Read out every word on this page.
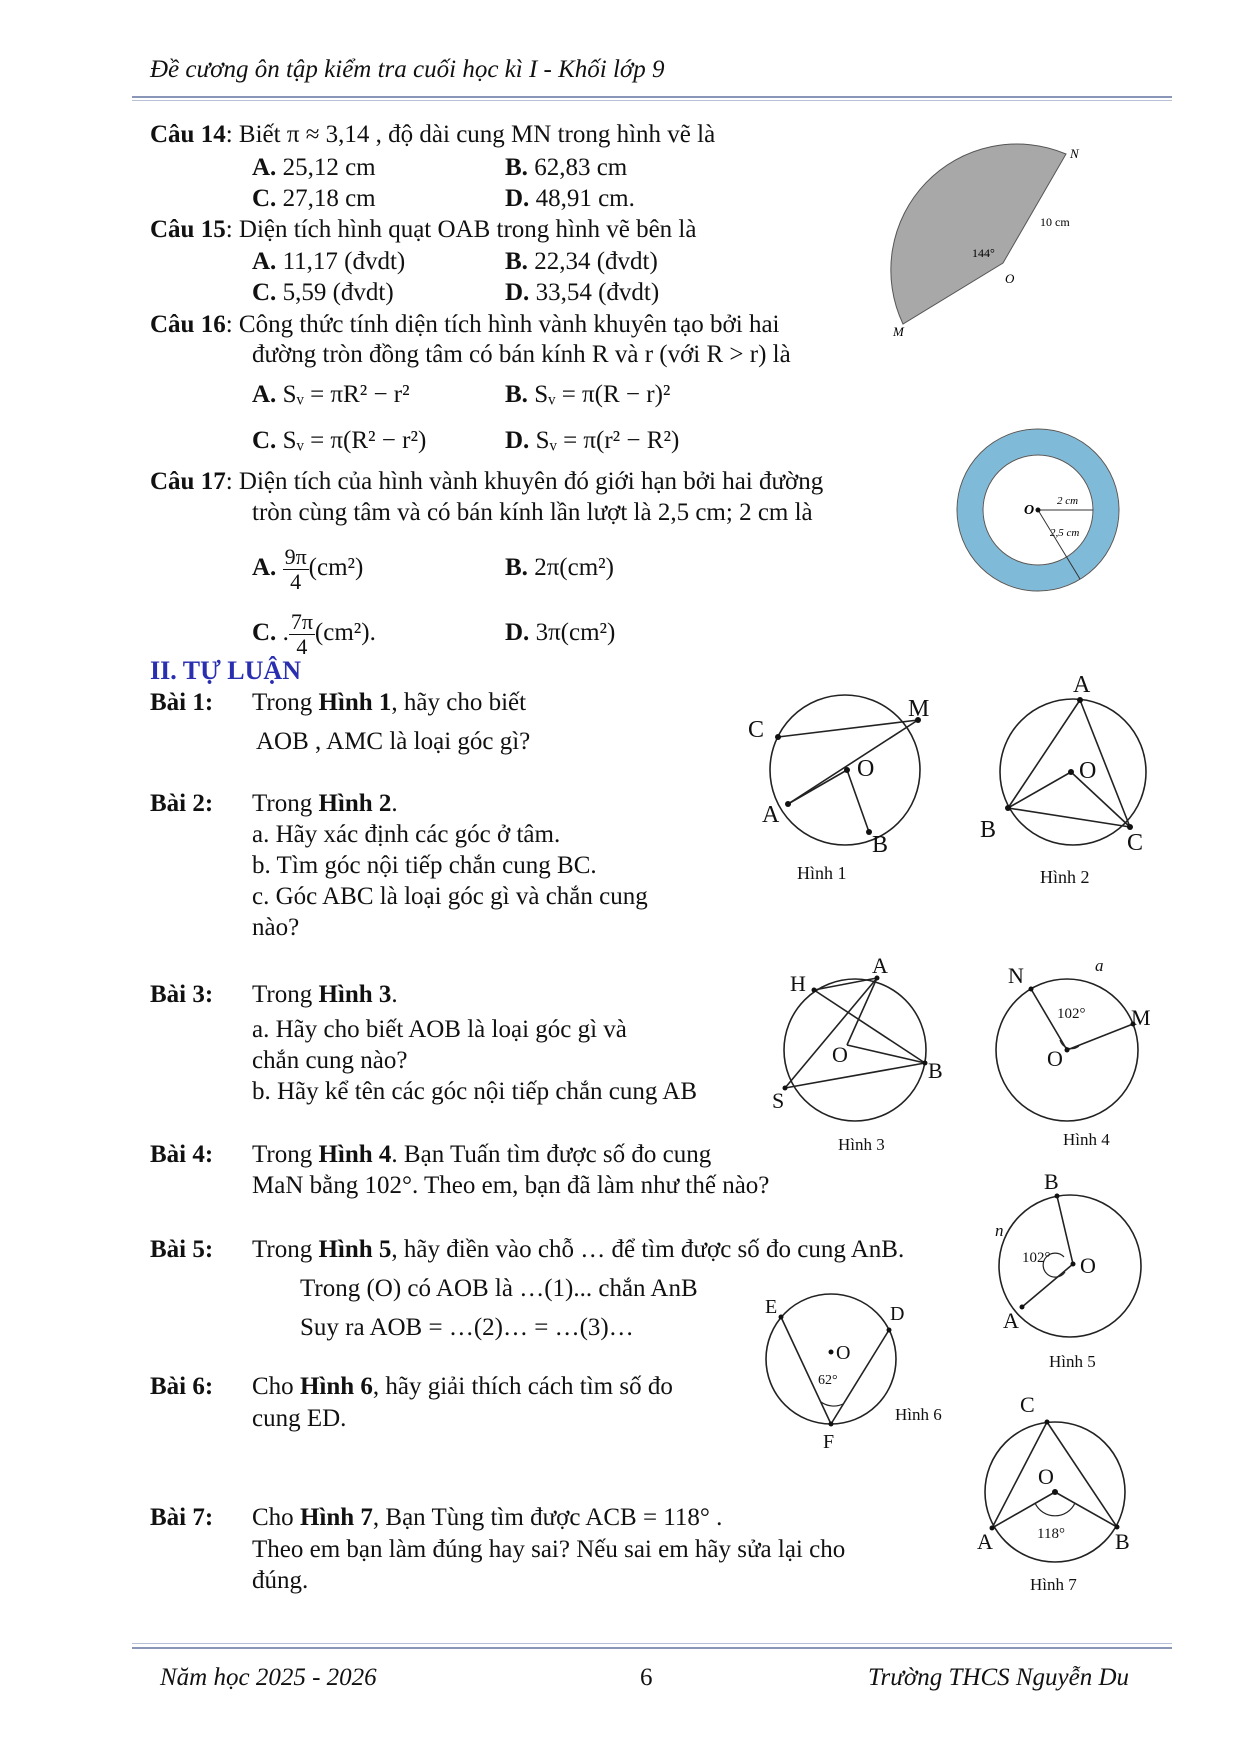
Đề cương ôn tập kiểm tra cuối học kì I - Khối lớp 9
Câu 14: Biết π ≈ 3,14 , độ dài cung MN trong hình vẽ là
A. 25,12 cm	B. 62,83 cm
C. 27,18 cm	D. 48,91 cm.
Câu 15: Diện tích hình quạt OAB trong hình vẽ bên là
A. 11,17 (đvdt)	B. 22,34 (đvdt)
C. 5,59 (đvdt)	D. 33,54 (đvdt)
Câu 16: Công thức tính diện tích hình vành khuyên tạo bởi hai
đường tròn đồng tâm có bán kính R và r (với R > r) là
A. Sᵥ = πR² − r²	B. Sᵥ = π(R − r)²
C. Sᵥ = π(R² − r²)	D. Sᵥ = π(r² − R²)
Câu 17: Diện tích của hình vành khuyên đó giới hạn bởi hai đường
tròn cùng tâm và có bán kính lần lượt là 2,5 cm; 2 cm là
A. $\frac{9\pi}{4} (cm^2)$	B. 2π(cm²)
C. . $\frac{7\pi}{4} (cm^2)$.	D. 3π(cm²)
II. TỰ LUẬN
Bài 1: Trong Hình 1, hãy cho biết
AOB , AMC là loại góc gì?
Bài 2: Trong Hình 2.
a. Hãy xác định các góc ở tâm.
b. Tìm góc nội tiếp chắn cung BC.
c. Góc ABC là loại góc gì và chắn cung
nào?
Bài 3: Trong Hình 3.
a. Hãy cho biết AOB là loại góc gì và
chắn cung nào?
b. Hãy kể tên các góc nội tiếp chắn cung AB
Bài 4: Trong Hình 4. Bạn Tuấn tìm được số đo cung
MaN bằng 102°. Theo em, bạn đã làm như thế nào?
Bài 5: Trong Hình 5, hãy điền vào chỗ … để tìm được số đo cung AnB.
Trong (O) có AOB là …(1)... chắn AnB
Suy ra AOB = …(2)… = …(3)…
Bài 6: Cho Hình 6, hãy giải thích cách tìm số đo
cung ED.
Bài 7: Cho Hình 7, Bạn Tùng tìm được ACB = 118° .
Theo em bạn làm đúng hay sai? Nếu sai em hãy sửa lại cho
đúng.
N
M
O
10 cm
144°
O
2 cm
2,5 cm
C
M
O
A
B
Hình 1
A
O
B	C
Hình 2
H
A
O
B
S
Hình 3
N	a
M
O
102°
Hình 4
B
n
O
A
102°
Hình 5
E	D
O
F
62°
Hình 6	C
O
A	B
118°
Hình 7
Năm học 2025 - 2026	6	Trường THCS Nguyễn Du
